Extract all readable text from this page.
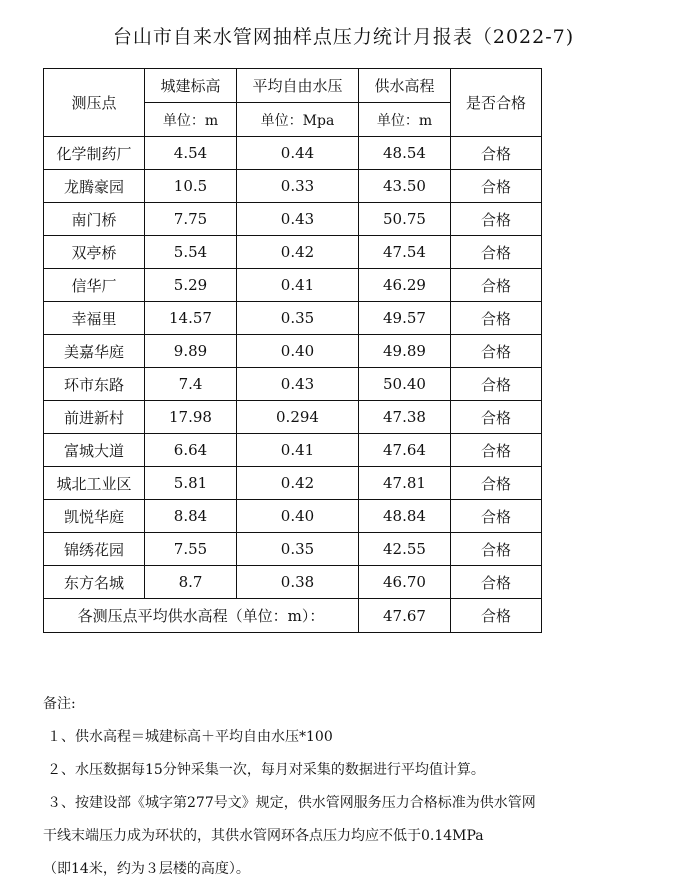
台山市自来水管网抽样点压力统计月报表（2022-7)
测压点	城建标高	平均自由水压	供水高程	是否合格
	单位：m	单位：Mpa	单位：m	
化学制药厂	4.54	0.44	48.54	合格
龙腾豪园	10.5	0.33	43.50	合格
南门桥	7.75	0.43	50.75	合格
双亭桥	5.54	0.42	47.54	合格
信华厂	5.29	0.41	46.29	合格
幸福里	14.57	0.35	49.57	合格
美嘉华庭	9.89	0.40	49.89	合格
环市东路	7.4	0.43	50.40	合格
前进新村	17.98	0.294	47.38	合格
富城大道	6.64	0.41	47.64	合格
城北工业区	5.81	0.42	47.81	合格
凯悦华庭	8.84	0.40	48.84	合格
锦绣花园	7.55	0.35	42.55	合格
东方名城	8.7	0.38	46.70	合格
各测压点平均供水高程（单位：m）：			47.67	合格
备注:
１、供水高程＝城建标高＋平均自由水压*100
２、水压数据每15分钟采集一次，每月对采集的数据进行平均值计算。
３、按建设部《城字第277号文》规定，供水管网服务压力合格标准为供水管网
干线末端压力成为环状的，其供水管网环各点压力均应不低于0.14MPa
（即14米，约为３层楼的高度）。
